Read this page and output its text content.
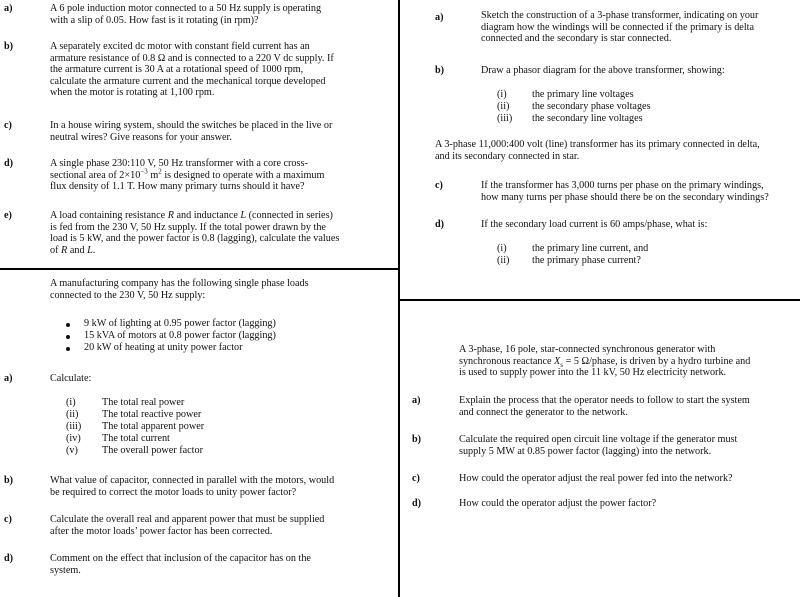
a)	A 6 pole induction motor connected to a 50 Hz supply is operating
with a slip of 0.05. How fast is it rotating (in rpm)?
b)	A separately excited dc motor with constant field current has an
armature resistance of 0.8 Ω and is connected to a 220 V dc supply. If
the armature current is 30 A at a rotational speed of 1000 rpm,
calculate the armature current and the mechanical torque developed
when the motor is rotating at 1,100 rpm.
c)	In a house wiring system, should the switches be placed in the live or
neutral wires? Give reasons for your answer.
d)	A single phase 230:110 V, 50 Hz transformer with a core cross-
sectional area of $2\times 10^{-3}$ $m^2$ is designed to operate with a maximum
flux density of 1.1 T. How many primary turns should it have?
e)	A load containing resistance R and inductance L (connected in series)
is fed from the 230 V, 50 Hz supply. If the total power drawn by the
load is 5 kW, and the power factor is 0.8 (lagging), calculate the values
of R and L.
A manufacturing company has the following single phase loads
connected to the 230 V, 50 Hz supply:
9 kW of lighting at 0.95 power factor (lagging)
15 kVA of motors at 0.8 power factor (lagging)
20 kW of heating at unity power factor
a)	Calculate:
(i)	The total real power
(ii) The total reactive power
(iii) The total apparent power
(iv) The total current
(v) The overall power factor
b)	What value of capacitor, connected in parallel with the motors, would
be required to correct the motor loads to unity power factor?
c)	Calculate the overall real and apparent power that must be supplied
after the motor loads’ power factor has been corrected.
d)	Comment on the effect that inclusion of the capacitor has on the
system.
a)	Sketch the construction of a 3-phase transformer, indicating on your
diagram how the windings will be connected if the primary is delta
connected and the secondary is star connected.
b)	Draw a phasor diagram for the above transformer, showing:
(i) the primary line voltages
(ii) the secondary phase voltages
(iii) the secondary line voltages
A 3-phase 11,000:400 volt (line) transformer has its primary connected in delta,
and its secondary connected in star.
c)	If the transformer has 3,000 turns per phase on the primary windings,
how many turns per phase should there be on the secondary windings?
d)	If the secondary load current is 60 amps/phase, what is:
(i) the primary line current, and
(ii) the primary phase current?
A 3-phase, 16 pole, star-connected synchronous generator with
synchronous reactance $X_s = 5$ Ω/phase, is driven by a hydro turbine and
is used to supply power into the 11 kV, 50 Hz electricity network.
a)	Explain the process that the operator needs to follow to start the system
and connect the generator to the network.
b)	Calculate the required open circuit line voltage if the generator must
supply 5 MW at 0.85 power factor (lagging) into the network.
c)	How could the operator adjust the real power fed into the network?
d)	How could the operator adjust the power factor?
